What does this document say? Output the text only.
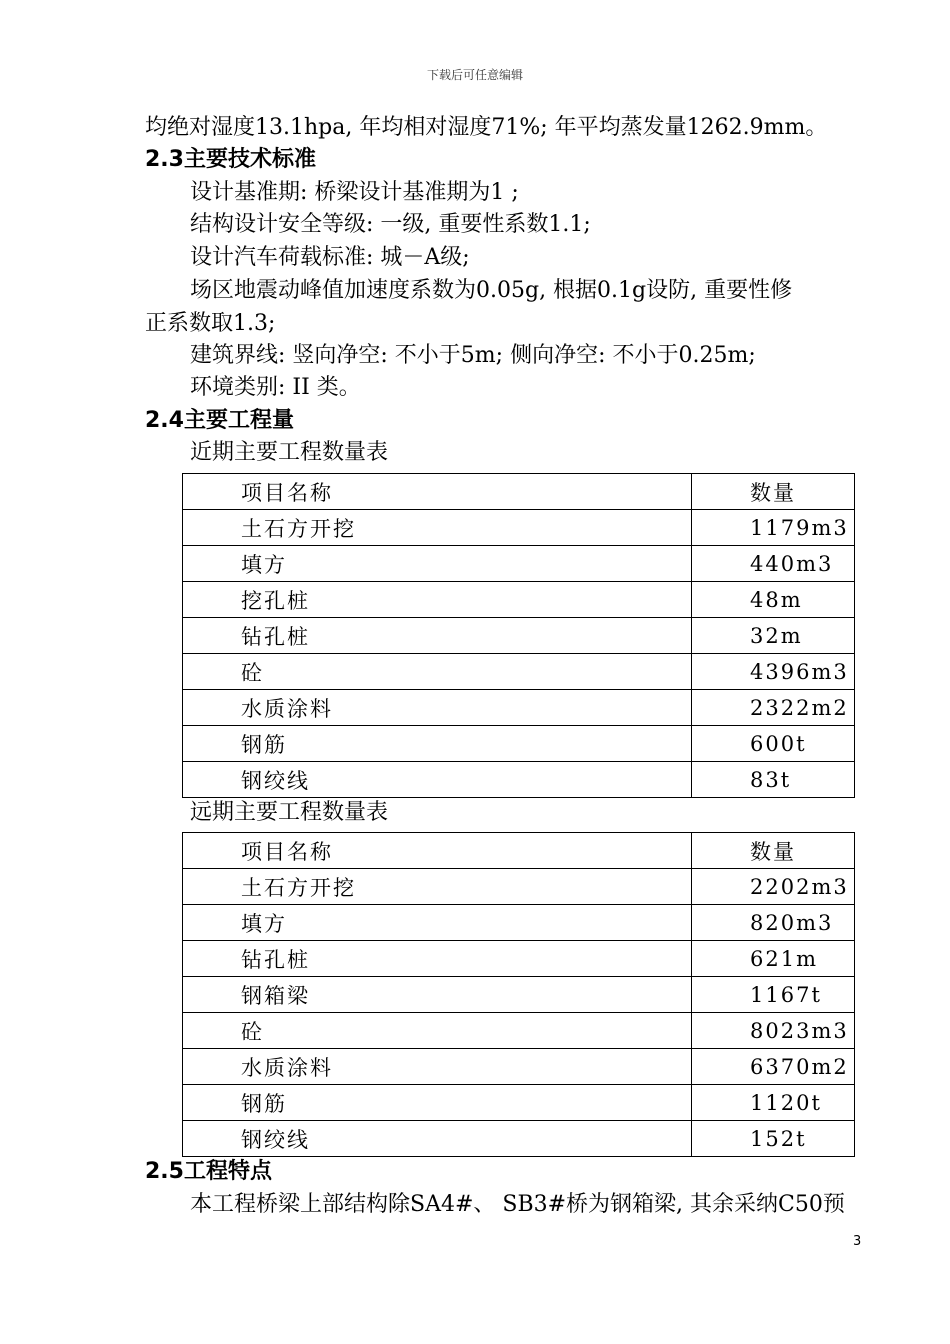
下载后可任意编辑
均绝对湿度13.1hpa, 年均相对湿度71%; 年平均蒸发量1262.9mm。
2.3主要技术标准
设计基准期: 桥梁设计基准期为1 ;
结构设计安全等级: 一级, 重要性系数1.1;
设计汽车荷载标准: 城－A级;
场区地震动峰值加速度系数为0.05g, 根据0.1g设防, 重要性修
正系数取1.3;
建筑界线: 竖向净空: 不小于5m; 侧向净空: 不小于0.25m;
环境类别: II 类。
2.4主要工程量
近期主要工程数量表
项目名称	数量
土石方开挖	1179m3
填方	440m3
挖孔桩	48m
钻孔桩	32m
砼	4396m3
水质涂料	2322m2
钢筋	600t
钢绞线	83t
远期主要工程数量表
项目名称	数量
土石方开挖	2202m3
填方	820m3
钻孔桩	621m
钢箱梁	1167t
砼	8023m3
水质涂料	6370m2
钢筋	1120t
钢绞线	152t
2.5工程特点
本工程桥梁上部结构除SA4#、 SB3#桥为钢箱梁, 其余采纳C50预
3
